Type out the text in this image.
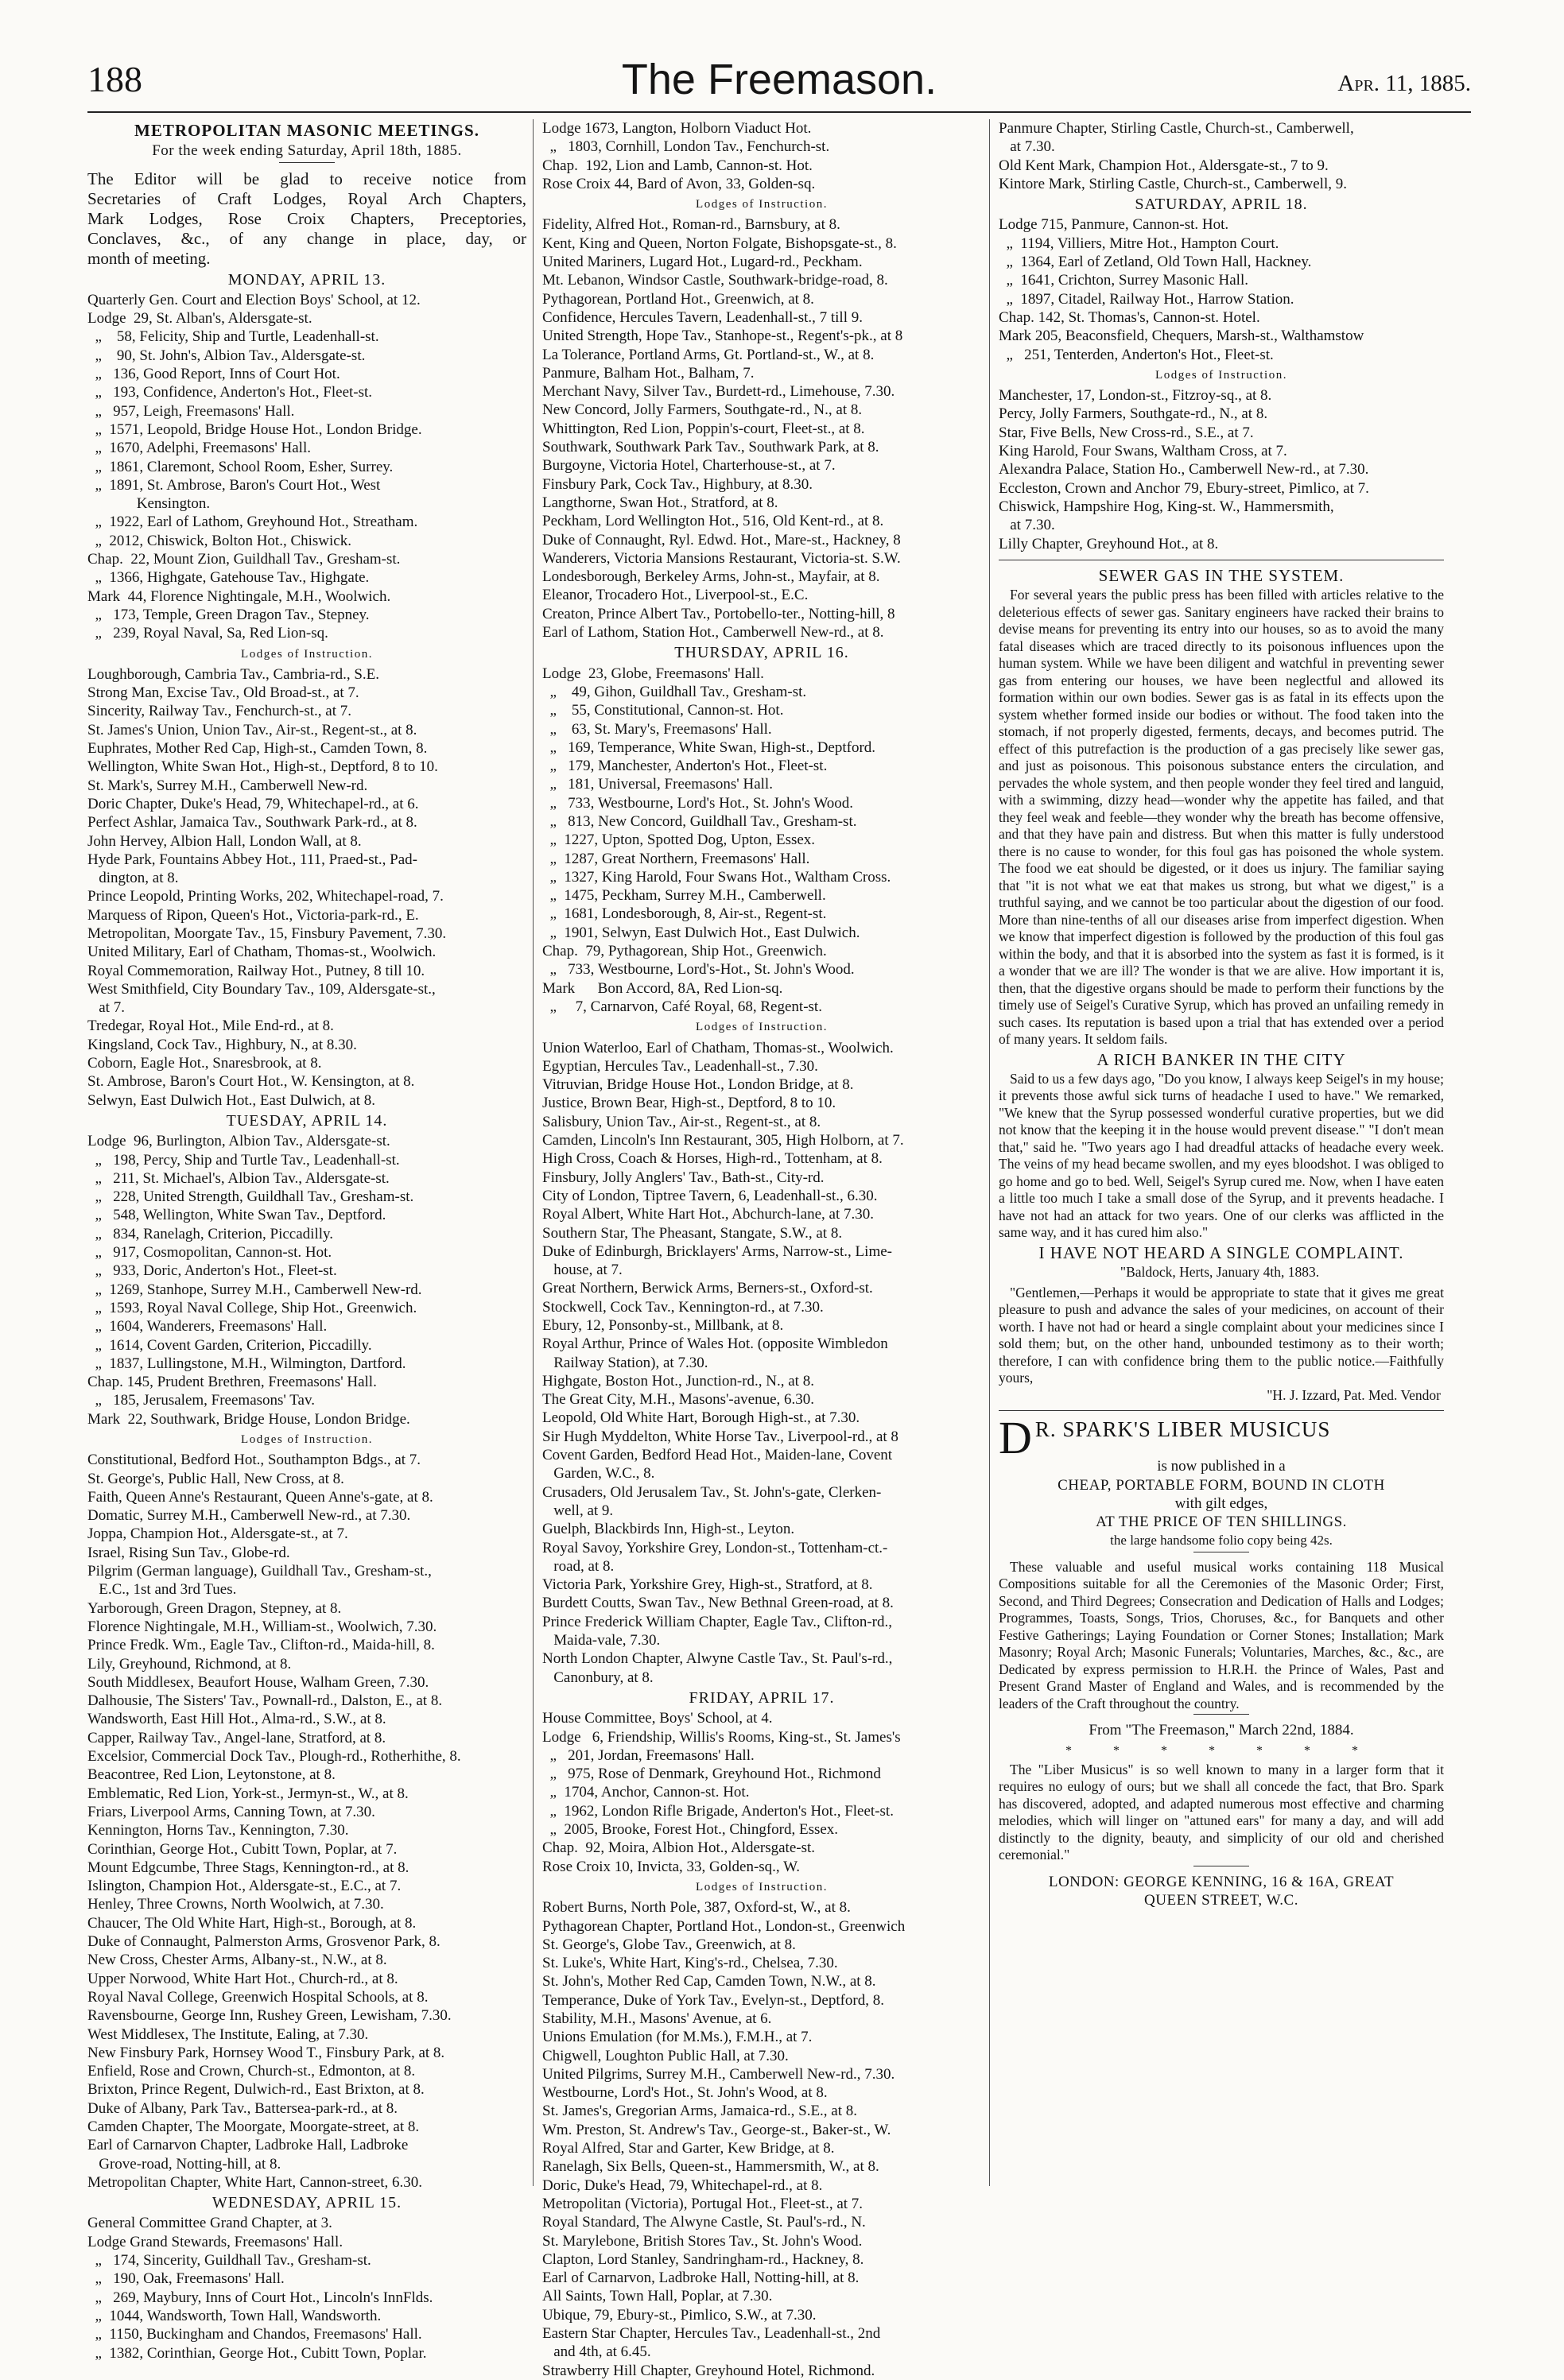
188	The Freemason.	Apr. 11, 1885.
METROPOLITAN MASONIC MEETINGS.
For the week ending Saturday, April 18th, 1885.
The Editor will be glad to receive notice from
Secretaries of Craft Lodges, Royal Arch Chapters,
Mark Lodges, Rose Croix Chapters, Preceptories,
Conclaves, &c., of any change in place, day, or
month of meeting.
MONDAY, APRIL 13.
Quarterly Gen. Court and Election Boys' School, at 12.
Lodge  29, St. Alban's, Aldersgate-st.
„    58, Felicity, Ship and Turtle, Leadenhall-st.
„    90, St. John's, Albion Tav., Aldersgate-st.
„   136, Good Report, Inns of Court Hot.
„   193, Confidence, Anderton's Hot., Fleet-st.
„   957, Leigh, Freemasons' Hall.
„  1571, Leopold, Bridge House Hot., London Bridge.
„  1670, Adelphi, Freemasons' Hall.
„  1861, Claremont, School Room, Esher, Surrey.
„  1891, St. Ambrose, Baron's Court Hot., West
Kensington.
„  1922, Earl of Lathom, Greyhound Hot., Streatham.
„  2012, Chiswick, Bolton Hot., Chiswick.
Chap.  22, Mount Zion, Guildhall Tav., Gresham-st.
„  1366, Highgate, Gatehouse Tav., Highgate.
Mark  44, Florence Nightingale, M.H., Woolwich.
„   173, Temple, Green Dragon Tav., Stepney.
„   239, Royal Naval, Sa, Red Lion-sq.
Lodges of Instruction.
Loughborough, Cambria Tav., Cambria-rd., S.E.
Strong Man, Excise Tav., Old Broad-st., at 7.
Sincerity, Railway Tav., Fenchurch-st., at 7.
St. James's Union, Union Tav., Air-st., Regent-st., at 8.
Euphrates, Mother Red Cap, High-st., Camden Town, 8.
Wellington, White Swan Hot., High-st., Deptford, 8 to 10.
St. Mark's, Surrey M.H., Camberwell New-rd.
Doric Chapter, Duke's Head, 79, Whitechapel-rd., at 6.
Perfect Ashlar, Jamaica Tav., Southwark Park-rd., at 8.
John Hervey, Albion Hall, London Wall, at 8.
Hyde Park, Fountains Abbey Hot., 111, Praed-st., Pad-
dington, at 8.
Prince Leopold, Printing Works, 202, Whitechapel-road, 7.
Marquess of Ripon, Queen's Hot., Victoria-park-rd., E.
Metropolitan, Moorgate Tav., 15, Finsbury Pavement, 7.30.
United Military, Earl of Chatham, Thomas-st., Woolwich.
Royal Commemoration, Railway Hot., Putney, 8 till 10.
West Smithfield, City Boundary Tav., 109, Aldersgate-st.,
at 7.
Tredegar, Royal Hot., Mile End-rd., at 8.
Kingsland, Cock Tav., Highbury, N., at 8.30.
Coborn, Eagle Hot., Snaresbrook, at 8.
St. Ambrose, Baron's Court Hot., W. Kensington, at 8.
Selwyn, East Dulwich Hot., East Dulwich, at 8.
TUESDAY, APRIL 14.
Lodge  96, Burlington, Albion Tav., Aldersgate-st.
„   198, Percy, Ship and Turtle Tav., Leadenhall-st.
„   211, St. Michael's, Albion Tav., Aldersgate-st.
„   228, United Strength, Guildhall Tav., Gresham-st.
„   548, Wellington, White Swan Tav., Deptford.
„   834, Ranelagh, Criterion, Piccadilly.
„   917, Cosmopolitan, Cannon-st. Hot.
„   933, Doric, Anderton's Hot., Fleet-st.
„  1269, Stanhope, Surrey M.H., Camberwell New-rd.
„  1593, Royal Naval College, Ship Hot., Greenwich.
„  1604, Wanderers, Freemasons' Hall.
„  1614, Covent Garden, Criterion, Piccadilly.
„  1837, Lullingstone, M.H., Wilmington, Dartford.
Chap. 145, Prudent Brethren, Freemasons' Hall.
„   185, Jerusalem, Freemasons' Tav.
Mark  22, Southwark, Bridge House, London Bridge.
Lodges of Instruction.
Constitutional, Bedford Hot., Southampton Bdgs., at 7.
St. George's, Public Hall, New Cross, at 8.
Faith, Queen Anne's Restaurant, Queen Anne's-gate, at 8.
Domatic, Surrey M.H., Camberwell New-rd., at 7.30.
Joppa, Champion Hot., Aldersgate-st., at 7.
Israel, Rising Sun Tav., Globe-rd.
Pilgrim (German language), Guildhall Tav., Gresham-st.,
E.C., 1st and 3rd Tues.
Yarborough, Green Dragon, Stepney, at 8.
Florence Nightingale, M.H., William-st., Woolwich, 7.30.
Prince Fredk. Wm., Eagle Tav., Clifton-rd., Maida-hill, 8.
Lily, Greyhound, Richmond, at 8.
South Middlesex, Beaufort House, Walham Green, 7.30.
Dalhousie, The Sisters' Tav., Pownall-rd., Dalston, E., at 8.
Wandsworth, East Hill Hot., Alma-rd., S.W., at 8.
Capper, Railway Tav., Angel-lane, Stratford, at 8.
Excelsior, Commercial Dock Tav., Plough-rd., Rotherhithe, 8.
Beacontree, Red Lion, Leytonstone, at 8.
Emblematic, Red Lion, York-st., Jermyn-st., W., at 8.
Friars, Liverpool Arms, Canning Town, at 7.30.
Kennington, Horns Tav., Kennington, 7.30.
Corinthian, George Hot., Cubitt Town, Poplar, at 7.
Mount Edgcumbe, Three Stags, Kennington-rd., at 8.
Islington, Champion Hot., Aldersgate-st., E.C., at 7.
Henley, Three Crowns, North Woolwich, at 7.30.
Chaucer, The Old White Hart, High-st., Borough, at 8.
Duke of Connaught, Palmerston Arms, Grosvenor Park, 8.
New Cross, Chester Arms, Albany-st., N.W., at 8.
Upper Norwood, White Hart Hot., Church-rd., at 8.
Royal Naval College, Greenwich Hospital Schools, at 8.
Ravensbourne, George Inn, Rushey Green, Lewisham, 7.30.
West Middlesex, The Institute, Ealing, at 7.30.
New Finsbury Park, Hornsey Wood T., Finsbury Park, at 8.
Enfield, Rose and Crown, Church-st., Edmonton, at 8.
Brixton, Prince Regent, Dulwich-rd., East Brixton, at 8.
Duke of Albany, Park Tav., Battersea-park-rd., at 8.
Camden Chapter, The Moorgate, Moorgate-street, at 8.
Earl of Carnarvon Chapter, Ladbroke Hall, Ladbroke
Grove-road, Notting-hill, at 8.
Metropolitan Chapter, White Hart, Cannon-street, 6.30.
WEDNESDAY, APRIL 15.
General Committee Grand Chapter, at 3.
Lodge Grand Stewards, Freemasons' Hall.
„   174, Sincerity, Guildhall Tav., Gresham-st.
„   190, Oak, Freemasons' Hall.
„   269, Maybury, Inns of Court Hot., Lincoln's InnFlds.
„  1044, Wandsworth, Town Hall, Wandsworth.
„  1150, Buckingham and Chandos, Freemasons' Hall.
„  1382, Corinthian, George Hot., Cubitt Town, Poplar.
Lodge 1673, Langton, Holborn Viaduct Hot.
„   1803, Cornhill, London Tav., Fenchurch-st.
Chap.  192, Lion and Lamb, Cannon-st. Hot.
Rose Croix 44, Bard of Avon, 33, Golden-sq.
Lodges of Instruction.
Fidelity, Alfred Hot., Roman-rd., Barnsbury, at 8.
Kent, King and Queen, Norton Folgate, Bishopsgate-st., 8.
United Mariners, Lugard Hot., Lugard-rd., Peckham.
Mt. Lebanon, Windsor Castle, Southwark-bridge-road, 8.
Pythagorean, Portland Hot., Greenwich, at 8.
Confidence, Hercules Tavern, Leadenhall-st., 7 till 9.
United Strength, Hope Tav., Stanhope-st., Regent's-pk., at 8
La Tolerance, Portland Arms, Gt. Portland-st., W., at 8.
Panmure, Balham Hot., Balham, 7.
Merchant Navy, Silver Tav., Burdett-rd., Limehouse, 7.30.
New Concord, Jolly Farmers, Southgate-rd., N., at 8.
Whittington, Red Lion, Poppin's-court, Fleet-st., at 8.
Southwark, Southwark Park Tav., Southwark Park, at 8.
Burgoyne, Victoria Hotel, Charterhouse-st., at 7.
Finsbury Park, Cock Tav., Highbury, at 8.30.
Langthorne, Swan Hot., Stratford, at 8.
Peckham, Lord Wellington Hot., 516, Old Kent-rd., at 8.
Duke of Connaught, Ryl. Edwd. Hot., Mare-st., Hackney, 8
Wanderers, Victoria Mansions Restaurant, Victoria-st. S.W.
Londesborough, Berkeley Arms, John-st., Mayfair, at 8.
Eleanor, Trocadero Hot., Liverpool-st., E.C.
Creaton, Prince Albert Tav., Portobello-ter., Notting-hill, 8
Earl of Lathom, Station Hot., Camberwell New-rd., at 8.
THURSDAY, APRIL 16.
Lodge  23, Globe, Freemasons' Hall.
„    49, Gihon, Guildhall Tav., Gresham-st.
„    55, Constitutional, Cannon-st. Hot.
„    63, St. Mary's, Freemasons' Hall.
„   169, Temperance, White Swan, High-st., Deptford.
„   179, Manchester, Anderton's Hot., Fleet-st.
„   181, Universal, Freemasons' Hall.
„   733, Westbourne, Lord's Hot., St. John's Wood.
„   813, New Concord, Guildhall Tav., Gresham-st.
„  1227, Upton, Spotted Dog, Upton, Essex.
„  1287, Great Northern, Freemasons' Hall.
„  1327, King Harold, Four Swans Hot., Waltham Cross.
„  1475, Peckham, Surrey M.H., Camberwell.
„  1681, Londesborough, 8, Air-st., Regent-st.
„  1901, Selwyn, East Dulwich Hot., East Dulwich.
Chap.  79, Pythagorean, Ship Hot., Greenwich.
„   733, Westbourne, Lord's-Hot., St. John's Wood.
Mark      Bon Accord, 8A, Red Lion-sq.
„     7, Carnarvon, Café Royal, 68, Regent-st.
Lodges of Instruction.
Union Waterloo, Earl of Chatham, Thomas-st., Woolwich.
Egyptian, Hercules Tav., Leadenhall-st., 7.30.
Vitruvian, Bridge House Hot., London Bridge, at 8.
Justice, Brown Bear, High-st., Deptford, 8 to 10.
Salisbury, Union Tav., Air-st., Regent-st., at 8.
Camden, Lincoln's Inn Restaurant, 305, High Holborn, at 7.
High Cross, Coach & Horses, High-rd., Tottenham, at 8.
Finsbury, Jolly Anglers' Tav., Bath-st., City-rd.
City of London, Tiptree Tavern, 6, Leadenhall-st., 6.30.
Royal Albert, White Hart Hot., Abchurch-lane, at 7.30.
Southern Star, The Pheasant, Stangate, S.W., at 8.
Duke of Edinburgh, Bricklayers' Arms, Narrow-st., Lime-
house, at 7.
Great Northern, Berwick Arms, Berners-st., Oxford-st.
Stockwell, Cock Tav., Kennington-rd., at 7.30.
Ebury, 12, Ponsonby-st., Millbank, at 8.
Royal Arthur, Prince of Wales Hot. (opposite Wimbledon
Railway Station), at 7.30.
Highgate, Boston Hot., Junction-rd., N., at 8.
The Great City, M.H., Masons'-avenue, 6.30.
Leopold, Old White Hart, Borough High-st., at 7.30.
Sir Hugh Myddelton, White Horse Tav., Liverpool-rd., at 8
Covent Garden, Bedford Head Hot., Maiden-lane, Covent
Garden, W.C., 8.
Crusaders, Old Jerusalem Tav., St. John's-gate, Clerken-
well, at 9.
Guelph, Blackbirds Inn, High-st., Leyton.
Royal Savoy, Yorkshire Grey, London-st., Tottenham-ct.-
road, at 8.
Victoria Park, Yorkshire Grey, High-st., Stratford, at 8.
Burdett Coutts, Swan Tav., New Bethnal Green-road, at 8.
Prince Frederick William Chapter, Eagle Tav., Clifton-rd.,
Maida-vale, 7.30.
North London Chapter, Alwyne Castle Tav., St. Paul's-rd.,
Canonbury, at 8.
FRIDAY, APRIL 17.
House Committee, Boys' School, at 4.
Lodge   6, Friendship, Willis's Rooms, King-st., St. James's
„   201, Jordan, Freemasons' Hall.
„   975, Rose of Denmark, Greyhound Hot., Richmond
„  1704, Anchor, Cannon-st. Hot.
„  1962, London Rifle Brigade, Anderton's Hot., Fleet-st.
„  2005, Brooke, Forest Hot., Chingford, Essex.
Chap.  92, Moira, Albion Hot., Aldersgate-st.
Rose Croix 10, Invicta, 33, Golden-sq., W.
Lodges of Instruction.
Robert Burns, North Pole, 387, Oxford-st, W., at 8.
Pythagorean Chapter, Portland Hot., London-st., Greenwich
St. George's, Globe Tav., Greenwich, at 8.
St. Luke's, White Hart, King's-rd., Chelsea, 7.30.
St. John's, Mother Red Cap, Camden Town, N.W., at 8.
Temperance, Duke of York Tav., Evelyn-st., Deptford, 8.
Stability, M.H., Masons' Avenue, at 6.
Unions Emulation (for M.Ms.), F.M.H., at 7.
Chigwell, Loughton Public Hall, at 7.30.
United Pilgrims, Surrey M.H., Camberwell New-rd., 7.30.
Westbourne, Lord's Hot., St. John's Wood, at 8.
St. James's, Gregorian Arms, Jamaica-rd., S.E., at 8.
Wm. Preston, St. Andrew's Tav., George-st., Baker-st., W.
Royal Alfred, Star and Garter, Kew Bridge, at 8.
Ranelagh, Six Bells, Queen-st., Hammersmith, W., at 8.
Doric, Duke's Head, 79, Whitechapel-rd., at 8.
Metropolitan (Victoria), Portugal Hot., Fleet-st., at 7.
Royal Standard, The Alwyne Castle, St. Paul's-rd., N.
St. Marylebone, British Stores Tav., St. John's Wood.
Clapton, Lord Stanley, Sandringham-rd., Hackney, 8.
Earl of Carnarvon, Ladbroke Hall, Notting-hill, at 8.
All Saints, Town Hall, Poplar, at 7.30.
Ubique, 79, Ebury-st., Pimlico, S.W., at 7.30.
Eastern Star Chapter, Hercules Tav., Leadenhall-st., 2nd
and 4th, at 6.45.
Strawberry Hill Chapter, Greyhound Hotel, Richmond.
Panmure Chapter, Stirling Castle, Church-st., Camberwell,
at 7.30.
Old Kent Mark, Champion Hot., Aldersgate-st., 7 to 9.
Kintore Mark, Stirling Castle, Church-st., Camberwell, 9.
SATURDAY, APRIL 18.
Lodge 715, Panmure, Cannon-st. Hot.
„  1194, Villiers, Mitre Hot., Hampton Court.
„  1364, Earl of Zetland, Old Town Hall, Hackney.
„  1641, Crichton, Surrey Masonic Hall.
„  1897, Citadel, Railway Hot., Harrow Station.
Chap. 142, St. Thomas's, Cannon-st. Hotel.
Mark 205, Beaconsfield, Chequers, Marsh-st., Walthamstow
„   251, Tenterden, Anderton's Hot., Fleet-st.
Lodges of Instruction.
Manchester, 17, London-st., Fitzroy-sq., at 8.
Percy, Jolly Farmers, Southgate-rd., N., at 8.
Star, Five Bells, New Cross-rd., S.E., at 7.
King Harold, Four Swans, Waltham Cross, at 7.
Alexandra Palace, Station Ho., Camberwell New-rd., at 7.30.
Eccleston, Crown and Anchor 79, Ebury-street, Pimlico, at 7.
Chiswick, Hampshire Hog, King-st. W., Hammersmith,
at 7.30.
Lilly Chapter, Greyhound Hot., at 8.
SEWER GAS IN THE SYSTEM.

For several years the public press has been filled with articles relative to the deleterious effects of sewer gas. Sanitary engineers have racked their brains to devise means for preventing its entry into our houses, so as to avoid the many fatal diseases which are traced directly to its poisonous influences upon the human system. While we have been diligent and watchful in preventing sewer gas from entering our houses, we have been neglectful and allowed its formation within our own bodies. Sewer gas is as fatal in its effects upon the system whether formed inside our bodies or without. The food taken into the stomach, if not properly digested, ferments, decays, and becomes putrid. The effect of this putrefaction is the production of a gas precisely like sewer gas, and just as poisonous. This poisonous substance enters the circulation, and pervades the whole system, and then people wonder they feel tired and languid, with a swimming, dizzy head—wonder why the appetite has failed, and that they feel weak and feeble—they wonder why the breath has become offensive, and that they have pain and distress. But when this matter is fully understood there is no cause to wonder, for this foul gas has poisoned the whole system. The food we eat should be digested, or it does us injury. The familiar saying that "it is not what we eat that makes us strong, but what we digest," is a truthful saying, and we cannot be too particular about the digestion of our food. More than nine-tenths of all our diseases arise from imperfect digestion. When we know that imperfect digestion is followed by the production of this foul gas within the body, and that it is absorbed into the system as fast it is formed, is it a wonder that we are ill? The wonder is that we are alive. How important it is, then, that the digestive organs should be made to perform their functions by the timely use of Seigel's Curative Syrup, which has proved an unfailing remedy in such cases. Its reputation is based upon a trial that has extended over a period of many years. It seldom fails.

A RICH BANKER IN THE CITY

Said to us a few days ago, "Do you know, I always keep Seigel's in my house; it prevents those awful sick turns of headache I used to have." We remarked, "We knew that the Syrup possessed wonderful curative properties, but we did not know that the keeping it in the house would prevent disease." "I don't mean that," said he. "Two years ago I had dreadful attacks of headache every week. The veins of my head became swollen, and my eyes bloodshot. I was obliged to go home and go to bed. Well, Seigel's Syrup cured me. Now, when I have eaten a little too much I take a small dose of the Syrup, and it prevents headache. I have not had an attack for two years. One of our clerks was afflicted in the same way, and it has cured him also."

I HAVE NOT HEARD A SINGLE COMPLAINT.
"Baldock, Herts, January 4th, 1883.

"Gentlemen,—Perhaps it would be appropriate to state that it gives me great pleasure to push and advance the sales of your medicines, on account of their worth. I have not had or heard a single complaint about your medicines since I sold them; but, on the other hand, unbounded testimony as to their worth; therefore, I can with confidence bring them to the public notice.—Faithfully yours,

"H. J. Izzard, Pat. Med. Vendor
D R. SPARK'S LIBER MUSICUS

is now published in a

CHEAP, PORTABLE FORM, BOUND IN CLOTH

with gilt edges,

AT THE PRICE OF TEN SHILLINGS.

the large handsome folio copy being 42s.

These valuable and useful musical works containing 118 Musical Compositions suitable for all the Ceremonies of the Masonic Order; First, Second, and Third Degrees; Consecration and Dedication of Halls and Lodges; Programmes, Toasts, Songs, Trios, Choruses, &c., for Banquets and other Festive Gatherings; Laying Foundation or Corner Stones; Installation; Mark Masonry; Royal Arch; Masonic Funerals; Voluntaries, Marches, &c., &c., are Dedicated by express permission to H.R.H. the Prince of Wales, Past and Present Grand Master of England and Wales, and is recommended by the leaders of the Craft throughout the country.

From "The Freemason," March 22nd, 1884.

* * * * * * *

The "Liber Musicus" is so well known to many in a larger form that it requires no eulogy of ours; but we shall all concede the fact, that Bro. Spark has discovered, adopted, and adapted numerous most effective and charming melodies, which will linger on "attuned ears" for many a day, and will add distinctly to the dignity, beauty, and simplicity of our old and cherished ceremonial."

LONDON: GEORGE KENNING, 16 & 16A, GREAT

QUEEN STREET, W.C.
